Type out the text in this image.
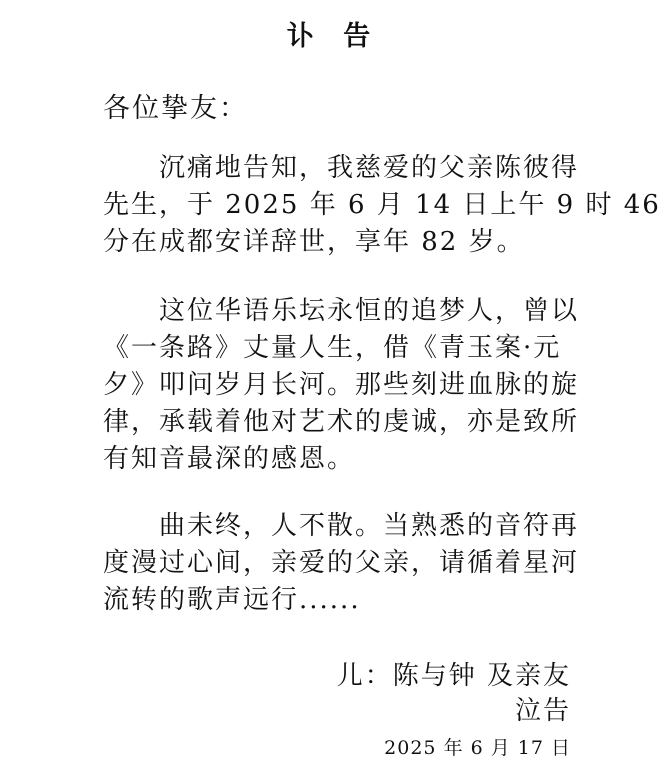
讣 告
各位挚友：
　　沉痛地告知，我慈爱的父亲陈彼得
先生，于 2025 年 6 月 14 日上午 9 时 46
分在成都安详辞世，享年 82 岁。
　　这位华语乐坛永恒的追梦人，曾以
《一条路》丈量人生，借《青玉案·元
夕》叩问岁月长河。那些刻进血脉的旋
律，承载着他对艺术的虔诚，亦是致所
有知音最深的感恩。
　　曲未终，人不散。当熟悉的音符再
度漫过心间，亲爱的父亲，请循着星河
流转的歌声远行......
儿：陈与钟 及亲友
泣告
2025 年 6 月 17 日
